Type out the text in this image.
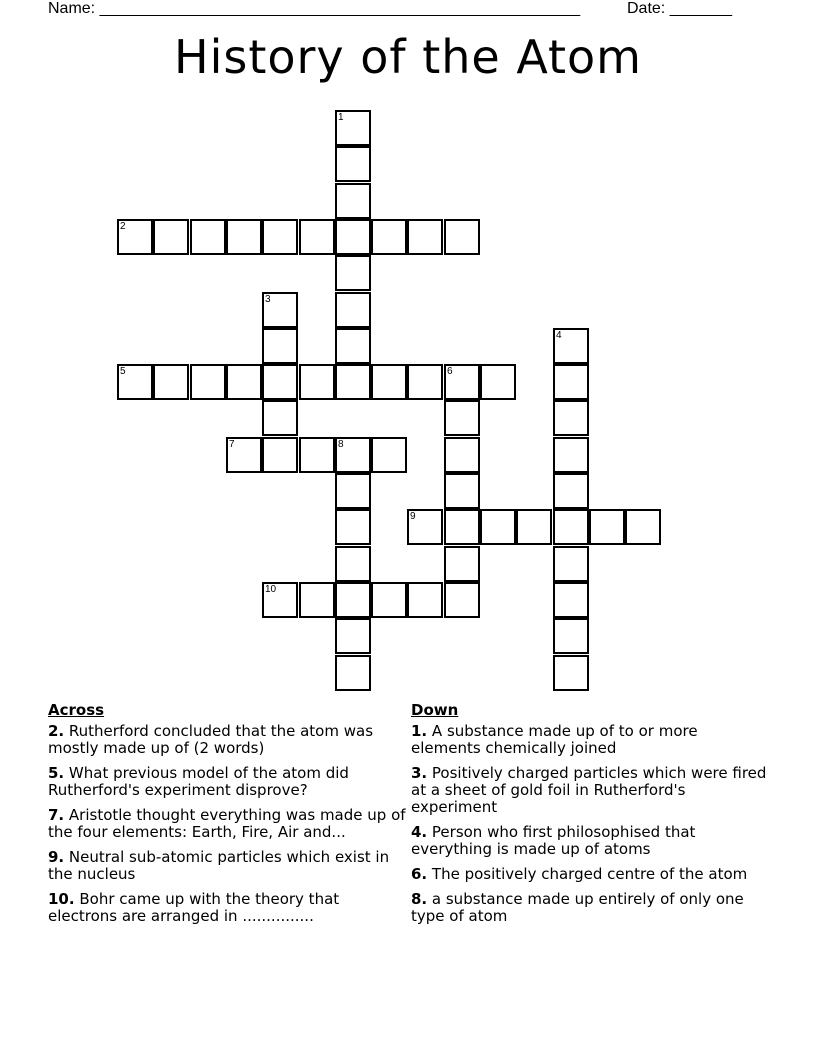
Name: ______________________________________________________	Date: _______
History of the Atom
1
2
3
4
5	6
7	8
9
10
Across
2. Rutherford concluded that the atom was mostly made up of (2 words)
5. What previous model of the atom did Rutherford's experiment disprove?
7. Aristotle thought everything was made up of the four elements: Earth, Fire, Air and...
9. Neutral sub-atomic particles which exist in the nucleus
10. Bohr came up with the theory that electrons are arranged in ...............
Down
1. A substance made up of to or more elements chemically joined
3. Positively charged particles which were fired at a sheet of gold foil in Rutherford's experiment
4. Person who first philosophised that everything is made up of atoms
6. The positively charged centre of the atom
8. a substance made up entirely of only one type of atom
